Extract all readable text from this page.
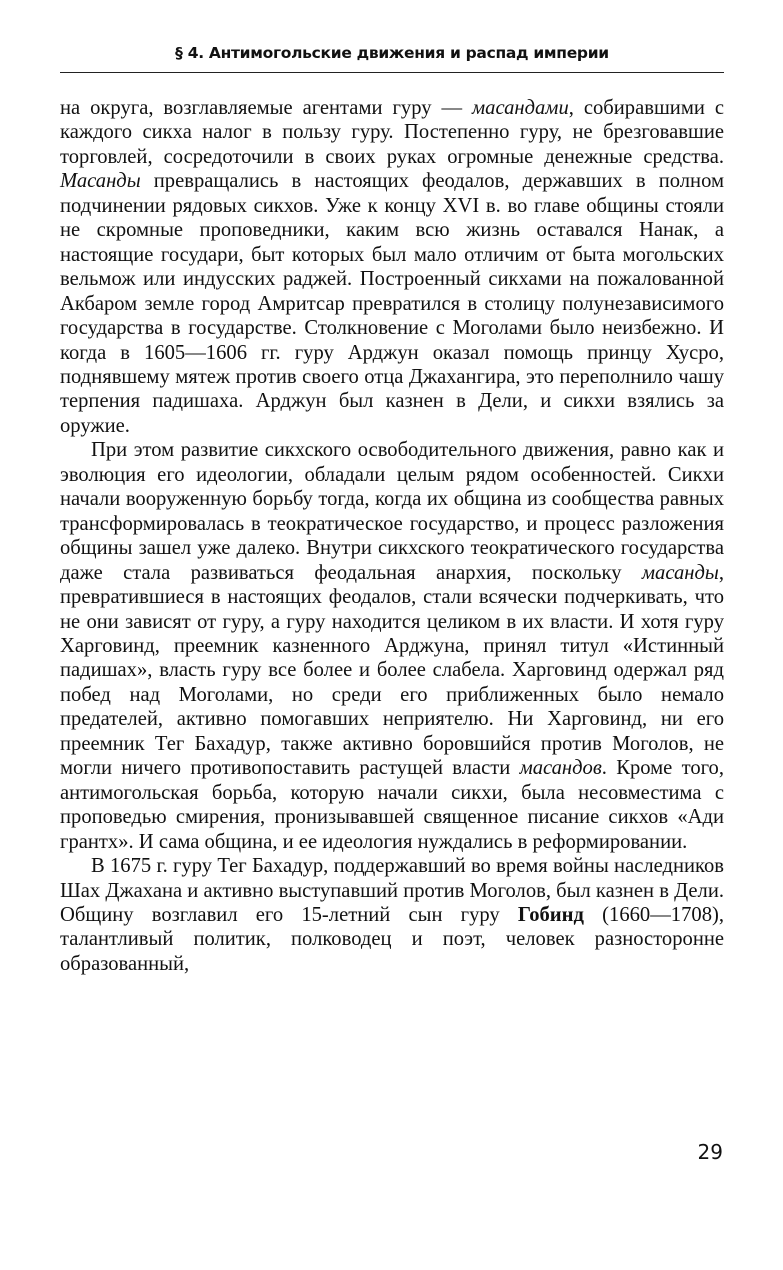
§ 4. Антимогольские движения и распад империи

на округа, возглавляемые агентами гуру — масандами, собиравшими с каждого сикха налог в пользу гуру. Постепенно гуру, не брезговавшие торговлей, сосредоточили в своих руках огромные денежные средства. Масанды превращались в настоящих феодалов, державших в полном подчинении рядовых сикхов. Уже к концу XVI в. во главе общины стояли не скромные проповедники, каким всю жизнь оставался Нанак, а настоящие государи, быт которых был мало отличим от быта могольских вельмож или индусских раджей. Построенный сикхами на пожалованной Акбаром земле город Амритсар превратился в столицу полунезависимого государства в государстве. Столкновение с Моголами было неизбежно. И когда в 1605—1606 гг. гуру Арджун оказал помощь принцу Хусро, поднявшему мятеж против своего отца Джахангира, это переполнило чашу терпения падишаха. Арджун был казнен в Дели, и сикхи взялись за оружие.

При этом развитие сикхского освободительного движения, равно как и эволюция его идеологии, обладали целым рядом особенностей. Сикхи начали вооруженную борьбу тогда, когда их община из сообщества равных трансформировалась в теократическое государство, и процесс разложения общины зашел уже далеко. Внутри сикхского теократического государства даже стала развиваться феодальная анархия, поскольку масанды, превратившиеся в настоящих феодалов, стали всячески подчеркивать, что не они зависят от гуру, а гуру находится целиком в их власти. И хотя гуру Харговинд, преемник казненного Арджуна, принял титул «Истинный падишах», власть гуру все более и более слабела. Харговинд одержал ряд побед над Моголами, но среди его приближенных было немало предателей, активно помогавших неприятелю. Ни Харговинд, ни его преемник Тег Бахадур, также активно боровшийся против Моголов, не могли ничего противопоставить растущей власти масандов. Кроме того, антимогольская борьба, которую начали сикхи, была несовместима с проповедью смирения, пронизывавшей священное писание сикхов «Ади грантх». И сама община, и ее идеология нуждались в реформировании.

В 1675 г. гуру Тег Бахадур, поддержавший во время войны наследников Шах Джахана и активно выступавший против Моголов, был казнен в Дели. Общину возглавил его 15-летний сын гуру Гобинд (1660—1708), талантливый политик, полководец и поэт, человек разносторонне образованный,

29
